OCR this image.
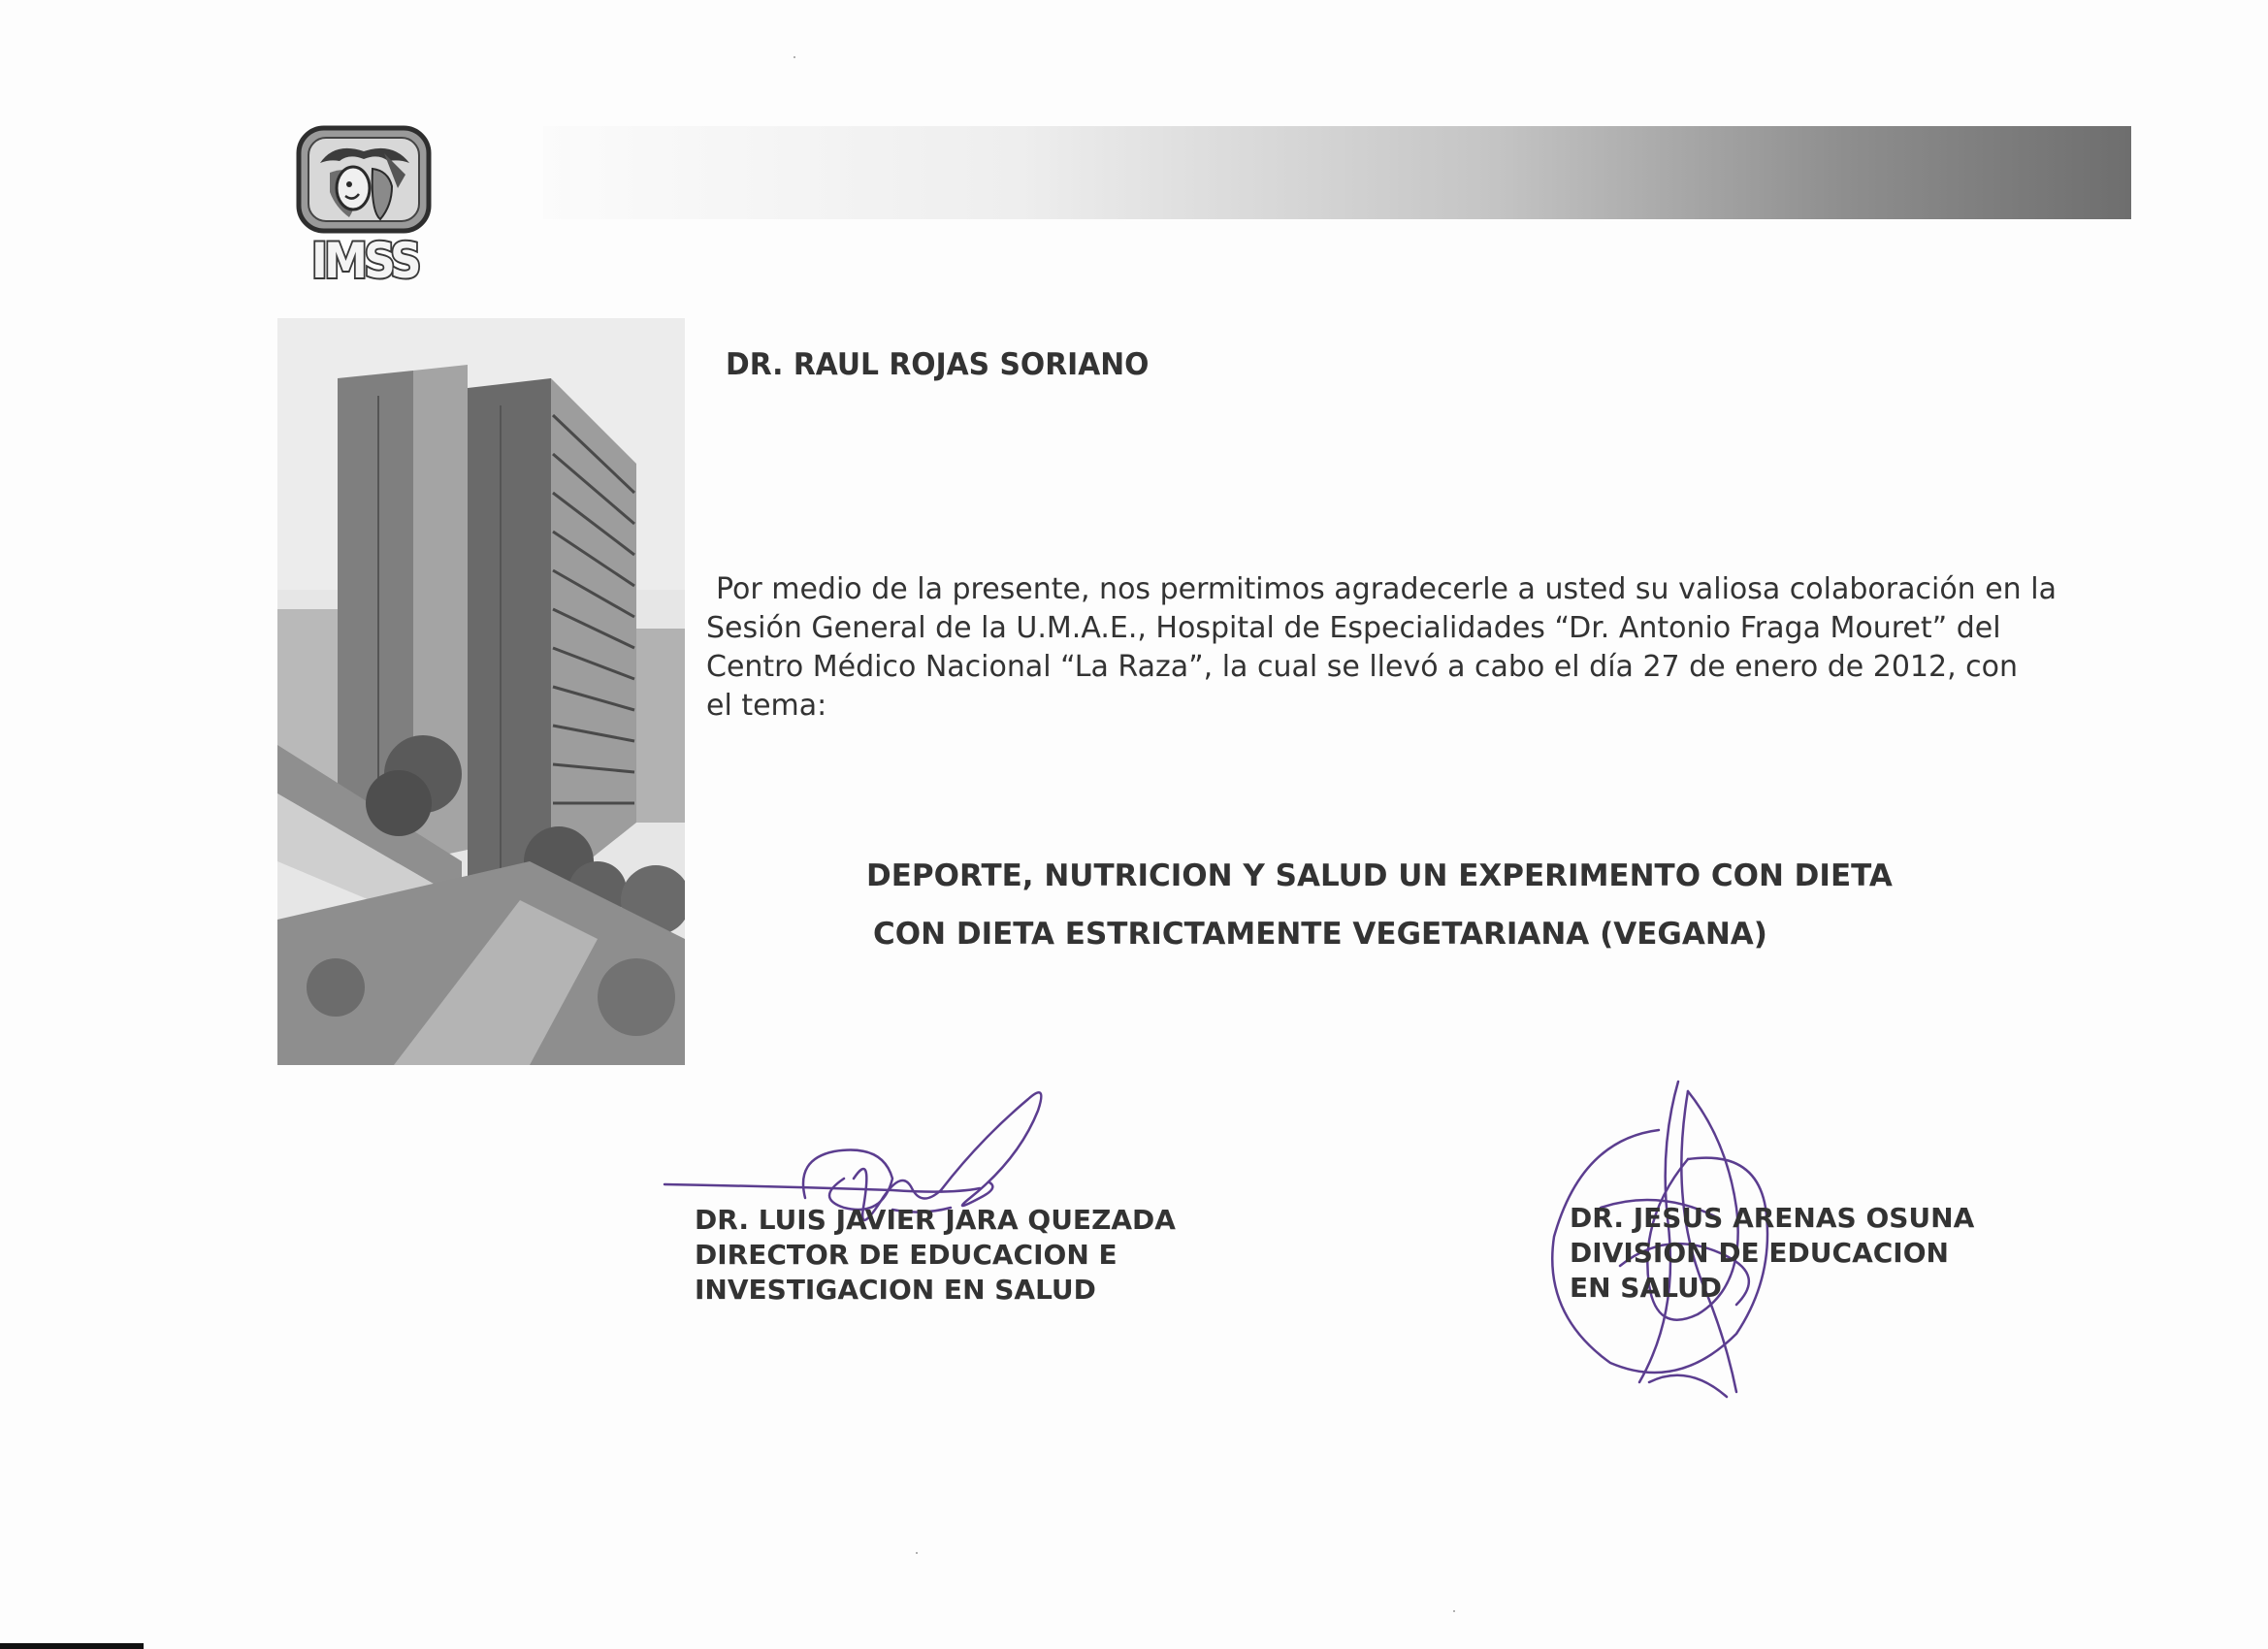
IMSS
DR. RAUL ROJAS SORIANO
Por medio de la presente, nos permitimos agradecerle a usted su valiosa colaboración en la
Sesión General de la U.M.A.E., Hospital de Especialidades “Dr. Antonio Fraga Mouret” del
Centro Médico Nacional “La Raza”, la cual se llevó a cabo el día 27 de enero de 2012, con
el tema:
DEPORTE, NUTRICION Y SALUD UN EXPERIMENTO CON DIETA
CON DIETA ESTRICTAMENTE VEGETARIANA (VEGANA)
DR. LUIS JAVIER JARA QUEZADA
DIRECTOR DE EDUCACION E
INVESTIGACION EN SALUD
DR. JESUS ARENAS OSUNA
DIVISION DE EDUCACION
EN SALUD
